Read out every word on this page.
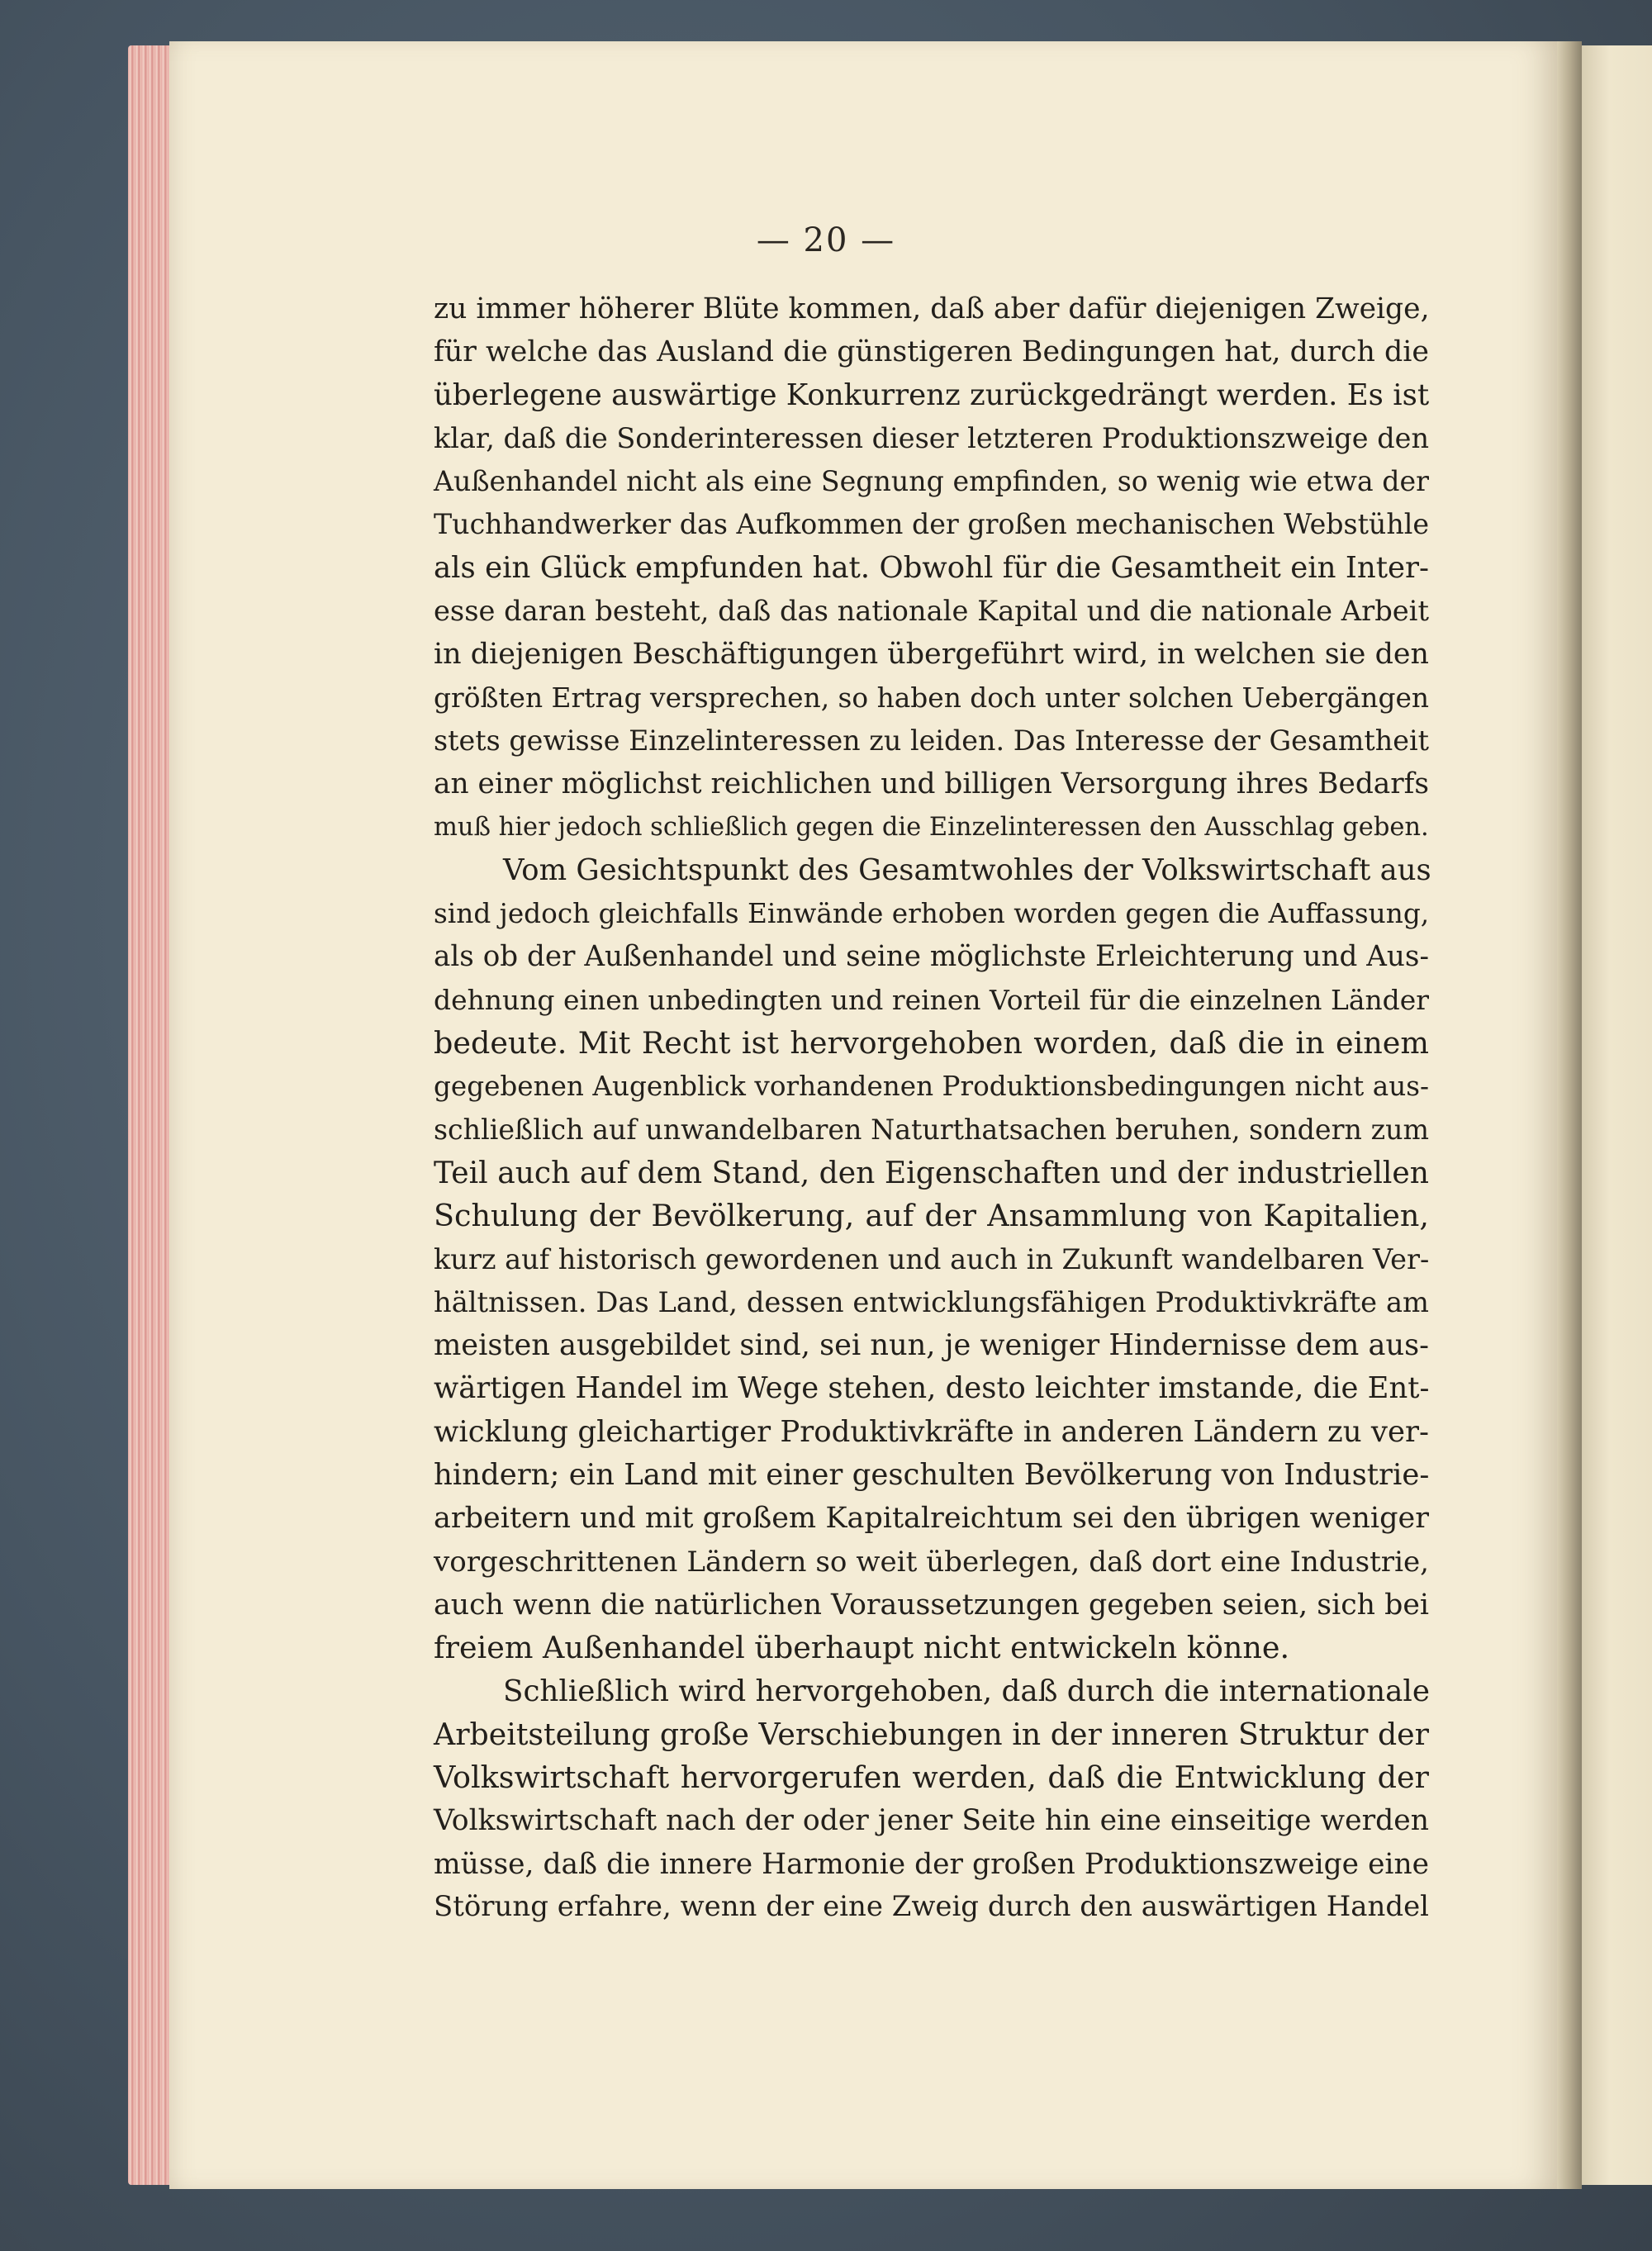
— 20 —
zu immer höherer Blüte kommen, daß aber dafür diejenigen Zweige,
für welche das Ausland die günstigeren Bedingungen hat, durch die
überlegene auswärtige Konkurrenz zurückgedrängt werden. Es ist
klar, daß die Sonderinteressen dieser letzteren Produktionszweige den
Außenhandel nicht als eine Segnung empfinden, so wenig wie etwa der
Tuchhandwerker das Aufkommen der großen mechanischen Webstühle
als ein Glück empfunden hat. Obwohl für die Gesamtheit ein Inter-
esse daran besteht, daß das nationale Kapital und die nationale Arbeit
in diejenigen Beschäftigungen übergeführt wird, in welchen sie den
größten Ertrag versprechen, so haben doch unter solchen Uebergängen
stets gewisse Einzelinteressen zu leiden. Das Interesse der Gesamtheit
an einer möglichst reichlichen und billigen Versorgung ihres Bedarfs
muß hier jedoch schließlich gegen die Einzelinteressen den Ausschlag geben.
Vom Gesichtspunkt des Gesamtwohles der Volkswirtschaft aus
sind jedoch gleichfalls Einwände erhoben worden gegen die Auffassung,
als ob der Außenhandel und seine möglichste Erleichterung und Aus-
dehnung einen unbedingten und reinen Vorteil für die einzelnen Länder
bedeute. Mit Recht ist hervorgehoben worden, daß die in einem
gegebenen Augenblick vorhandenen Produktionsbedingungen nicht aus-
schließlich auf unwandelbaren Naturthatsachen beruhen, sondern zum
Teil auch auf dem Stand, den Eigenschaften und der industriellen
Schulung der Bevölkerung, auf der Ansammlung von Kapitalien,
kurz auf historisch gewordenen und auch in Zukunft wandelbaren Ver-
hältnissen. Das Land, dessen entwicklungsfähigen Produktivkräfte am
meisten ausgebildet sind, sei nun, je weniger Hindernisse dem aus-
wärtigen Handel im Wege stehen, desto leichter imstande, die Ent-
wicklung gleichartiger Produktivkräfte in anderen Ländern zu ver-
hindern; ein Land mit einer geschulten Bevölkerung von Industrie-
arbeitern und mit großem Kapitalreichtum sei den übrigen weniger
vorgeschrittenen Ländern so weit überlegen, daß dort eine Industrie,
auch wenn die natürlichen Voraussetzungen gegeben seien, sich bei
freiem Außenhandel überhaupt nicht entwickeln könne.
Schließlich wird hervorgehoben, daß durch die internationale
Arbeitsteilung große Verschiebungen in der inneren Struktur der
Volkswirtschaft hervorgerufen werden, daß die Entwicklung der
Volkswirtschaft nach der oder jener Seite hin eine einseitige werden
müsse, daß die innere Harmonie der großen Produktionszweige eine
Störung erfahre, wenn der eine Zweig durch den auswärtigen Handel
